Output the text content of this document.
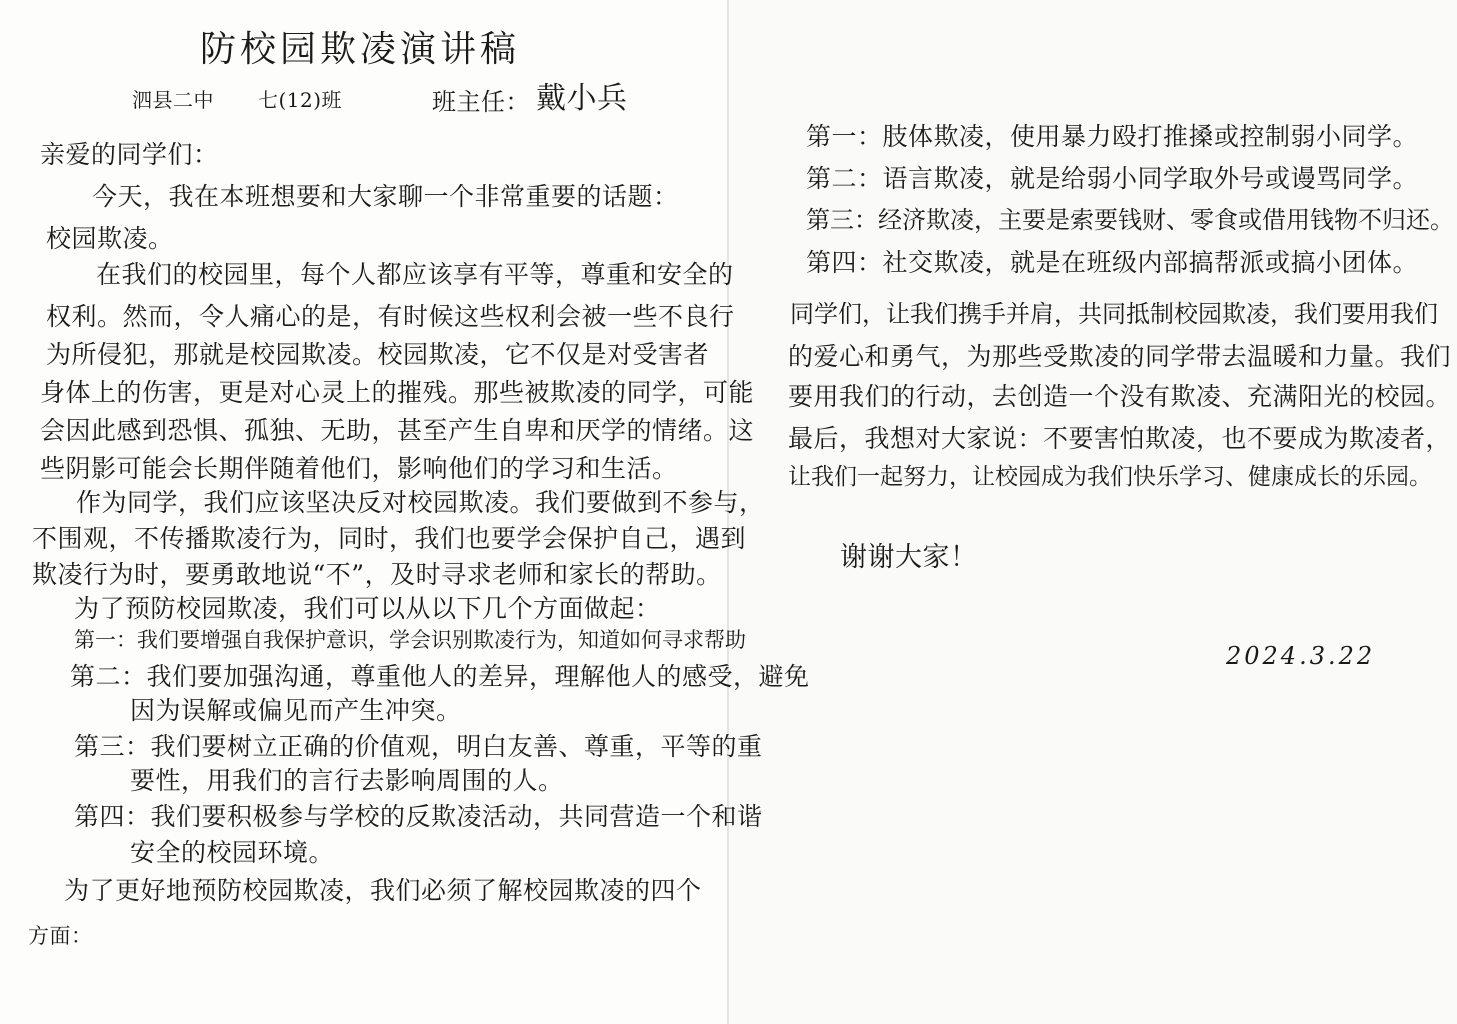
防校园欺凌演讲稿
泗县二中 七(12)班	班主任： 戴小兵
亲爱的同学们：
今天，我在本班想要和大家聊一个非常重要的话题：
校园欺凌。
在我们的校园里，每个人都应该享有平等，尊重和安全的
权利。然而，令人痛心的是，有时候这些权利会被一些不良行
为所侵犯，那就是校园欺凌。校园欺凌，它不仅是对受害者
身体上的伤害，更是对心灵上的摧残。那些被欺凌的同学，可能
会因此感到恐惧、孤独、无助，甚至产生自卑和厌学的情绪。这
些阴影可能会长期伴随着他们，影响他们的学习和生活。
作为同学，我们应该坚决反对校园欺凌。我们要做到不参与，
不围观，不传播欺凌行为，同时，我们也要学会保护自己，遇到
欺凌行为时，要勇敢地说“不”，及时寻求老师和家长的帮助。
为了预防校园欺凌，我们可以从以下几个方面做起：
第一：我们要增强自我保护意识，学会识别欺凌行为，知道如何寻求帮助
第二：我们要加强沟通，尊重他人的差异，理解他人的感受，避免
因为误解或偏见而产生冲突。
第三：我们要树立正确的价值观，明白友善、尊重，平等的重
要性，用我们的言行去影响周围的人。
第四：我们要积极参与学校的反欺凌活动，共同营造一个和谐
安全的校园环境。
为了更好地预防校园欺凌，我们必须了解校园欺凌的四个
方面：
第一：肢体欺凌，使用暴力殴打推搡或控制弱小同学。
第二：语言欺凌，就是给弱小同学取外号或谩骂同学。
第三：经济欺凌，主要是索要钱财、零食或借用钱物不归还。
第四：社交欺凌，就是在班级内部搞帮派或搞小团体。
同学们，让我们携手并肩，共同抵制校园欺凌，我们要用我们
的爱心和勇气，为那些受欺凌的同学带去温暖和力量。我们
要用我们的行动，去创造一个没有欺凌、充满阳光的校园。
最后，我想对大家说：不要害怕欺凌，也不要成为欺凌者，
让我们一起努力，让校园成为我们快乐学习、健康成长的乐园。
谢谢大家！
2024.3.22
